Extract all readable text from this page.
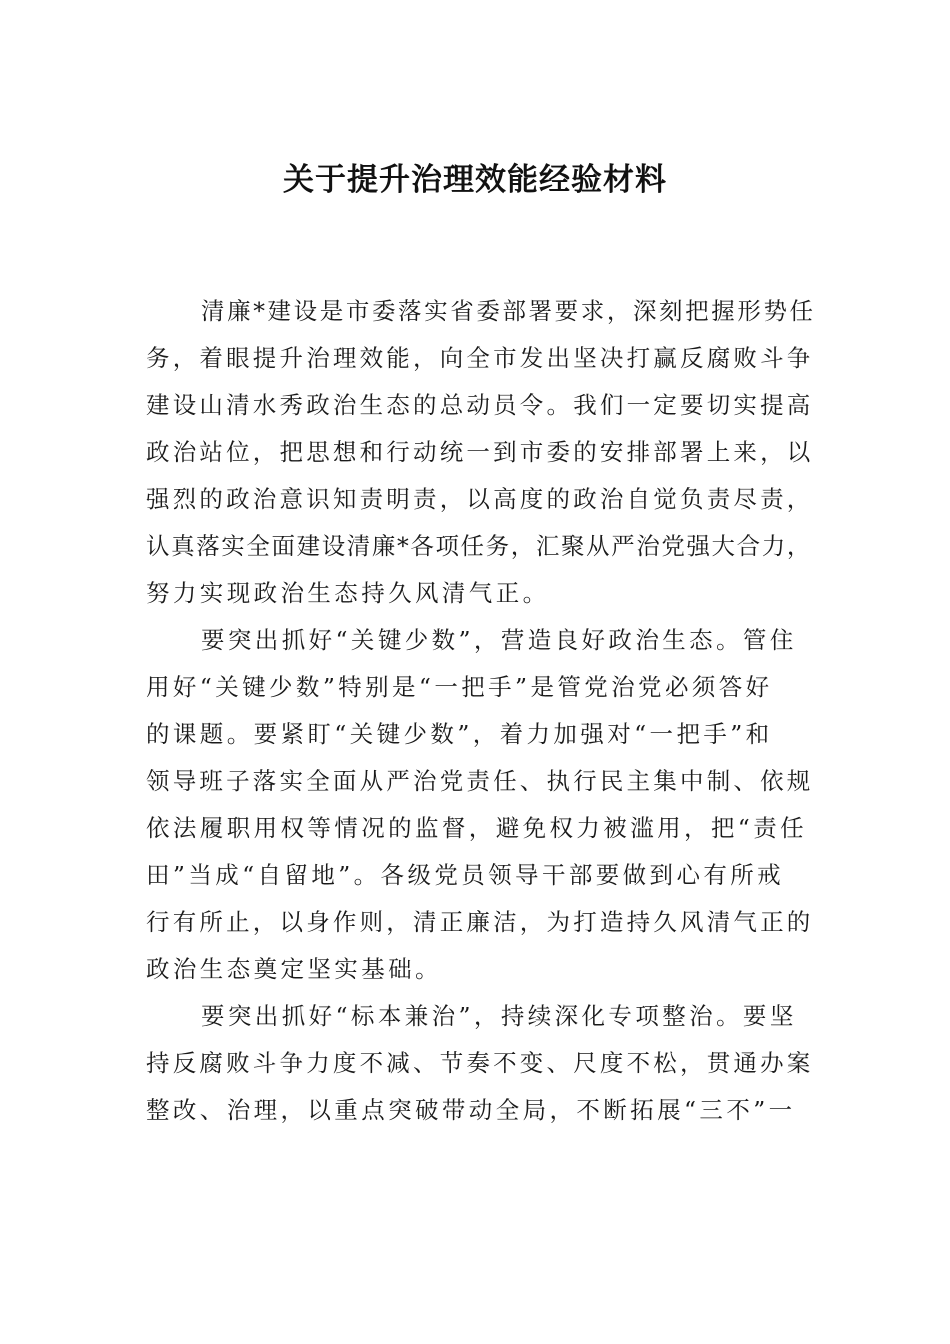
关于提升治理效能经验材料

清廉*建设是市委落实省委部署要求，深刻把握形势任
务，着眼提升治理效能，向全市发出坚决打赢反腐败斗争
建设山清水秀政治生态的总动员令。我们一定要切实提高
政治站位，把思想和行动统一到市委的安排部署上来，以
强烈的政治意识知责明责，以高度的政治自觉负责尽责，
认真落实全面建设清廉*各项任务，汇聚从严治党强大合力，
努力实现政治生态持久风清气正。

要突出抓好“关键少数”，营造良好政治生态。管住
用好“关键少数”特别是“一把手”是管党治党必须答好
的课题。要紧盯“关键少数”，着力加强对“一把手”和
领导班子落实全面从严治党责任、执行民主集中制、依规
依法履职用权等情况的监督，避免权力被滥用，把“责任
田”当成“自留地”。各级党员领导干部要做到心有所戒
行有所止，以身作则，清正廉洁，为打造持久风清气正的
政治生态奠定坚实基础。

要突出抓好“标本兼治”，持续深化专项整治。要坚
持反腐败斗争力度不减、节奏不变、尺度不松，贯通办案
整改、治理，以重点突破带动全局，不断拓展“三不”一
